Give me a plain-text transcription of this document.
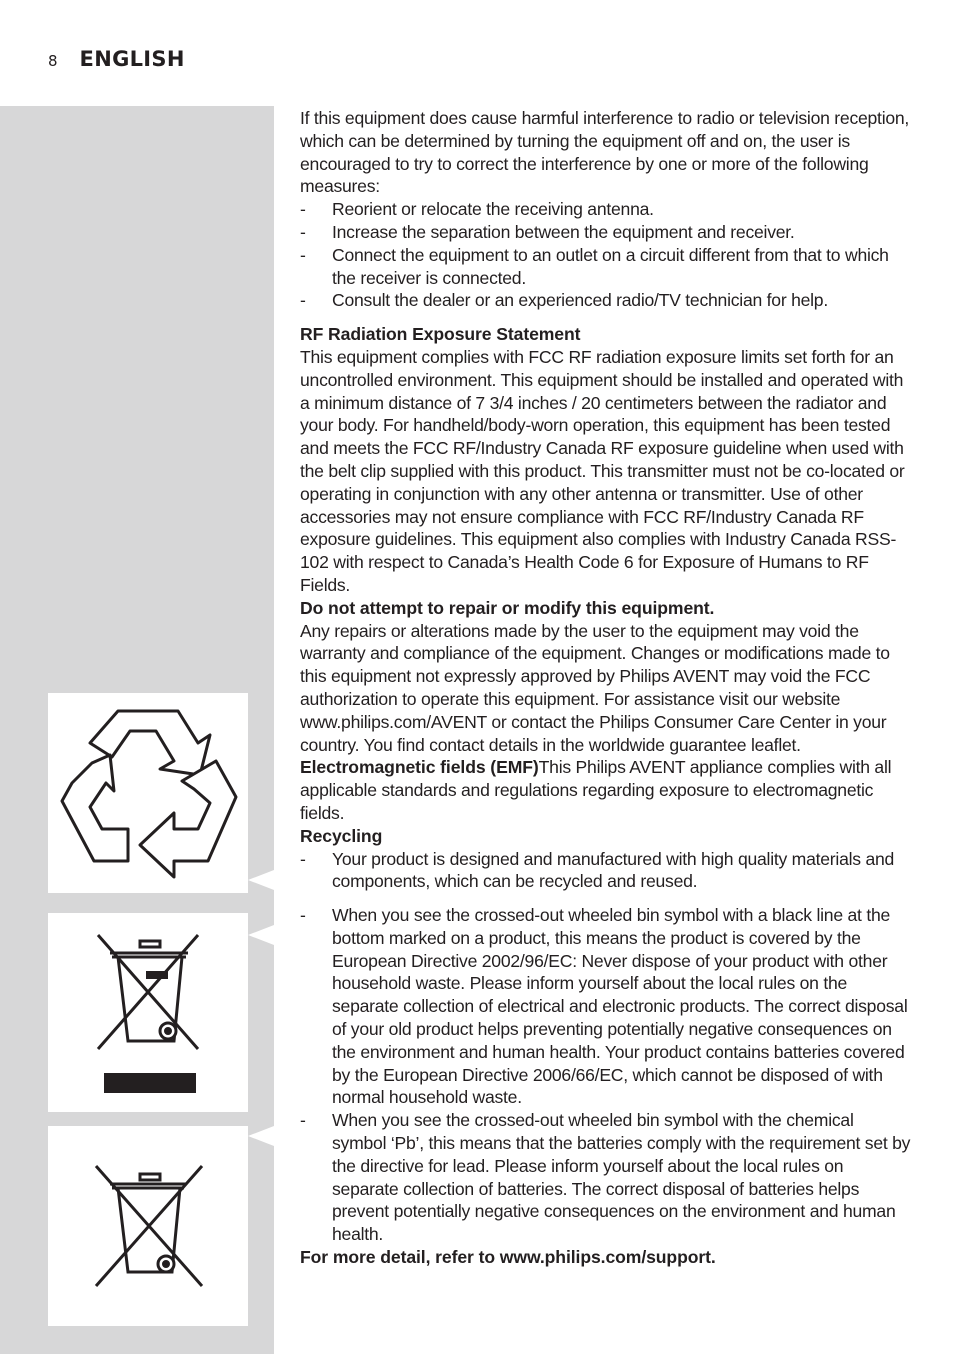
8 ENGLISH

If this equipment does cause harmful interference to radio or television reception, which can be determined by turning the equipment off and on, the user is encouraged to try to correct the interference by one or more of the following measures:

-	Reorient or relocate the receiving antenna.
-	Increase the separation between the equipment and receiver.
-	Connect the equipment to an outlet on a circuit different from that to which the receiver is connected.
-	Consult the dealer or an experienced radio/TV technician for help.

RF Radiation Exposure Statement

This equipment complies with FCC RF radiation exposure limits set forth for an uncontrolled environment. This equipment should be installed and operated with a minimum distance of 7 3/4 inches / 20 centimeters between the radiator and your body. For handheld/body-worn operation, this equipment has been tested and meets the FCC RF/Industry Canada RF exposure guideline when used with the belt clip supplied with this product. This transmitter must not be co-located or operating in conjunction with any other antenna or transmitter. Use of other accessories may not ensure compliance with FCC RF/Industry Canada RF exposure guidelines. This equipment also complies with Industry Canada RSS-102 with respect to Canada’s Health Code 6 for Exposure of Humans to RF Fields.

Do not attempt to repair or modify this equipment.

Any repairs or alterations made by the user to the equipment may void the warranty and compliance of the equipment. Changes or modifications made to this equipment not expressly approved by Philips AVENT may void the FCC authorization to operate this equipment. For assistance visit our website www.philips.com/AVENT or contact the Philips Consumer Care Center in your country. You find contact details in the worldwide guarantee leaflet.

Electromagnetic fields (EMF)This Philips AVENT appliance complies with all applicable standards and regulations regarding exposure to electromagnetic fields.

Recycling

-	Your product is designed and manufactured with high quality materials and components, which can be recycled and reused.
-	When you see the crossed-out wheeled bin symbol with a black line at the bottom marked on a product, this means the product is covered by the European Directive 2002/96/EC: Never dispose of your product with other household waste. Please inform yourself about the local rules on the separate collection of electrical and electronic products. The correct disposal of your old product helps preventing potentially negative consequences on the environment and human health. Your product contains batteries covered by the European Directive 2006/66/EC, which cannot be disposed of with normal household waste.
-	When you see the crossed-out wheeled bin symbol with the chemical symbol ‘Pb’, this means that the batteries comply with the requirement set by the directive for lead. Please inform yourself about the local rules on separate collection of batteries. The correct disposal of batteries helps prevent potentially negative consequences on the environment and human health.

For more detail, refer to www.philips.com/support.
